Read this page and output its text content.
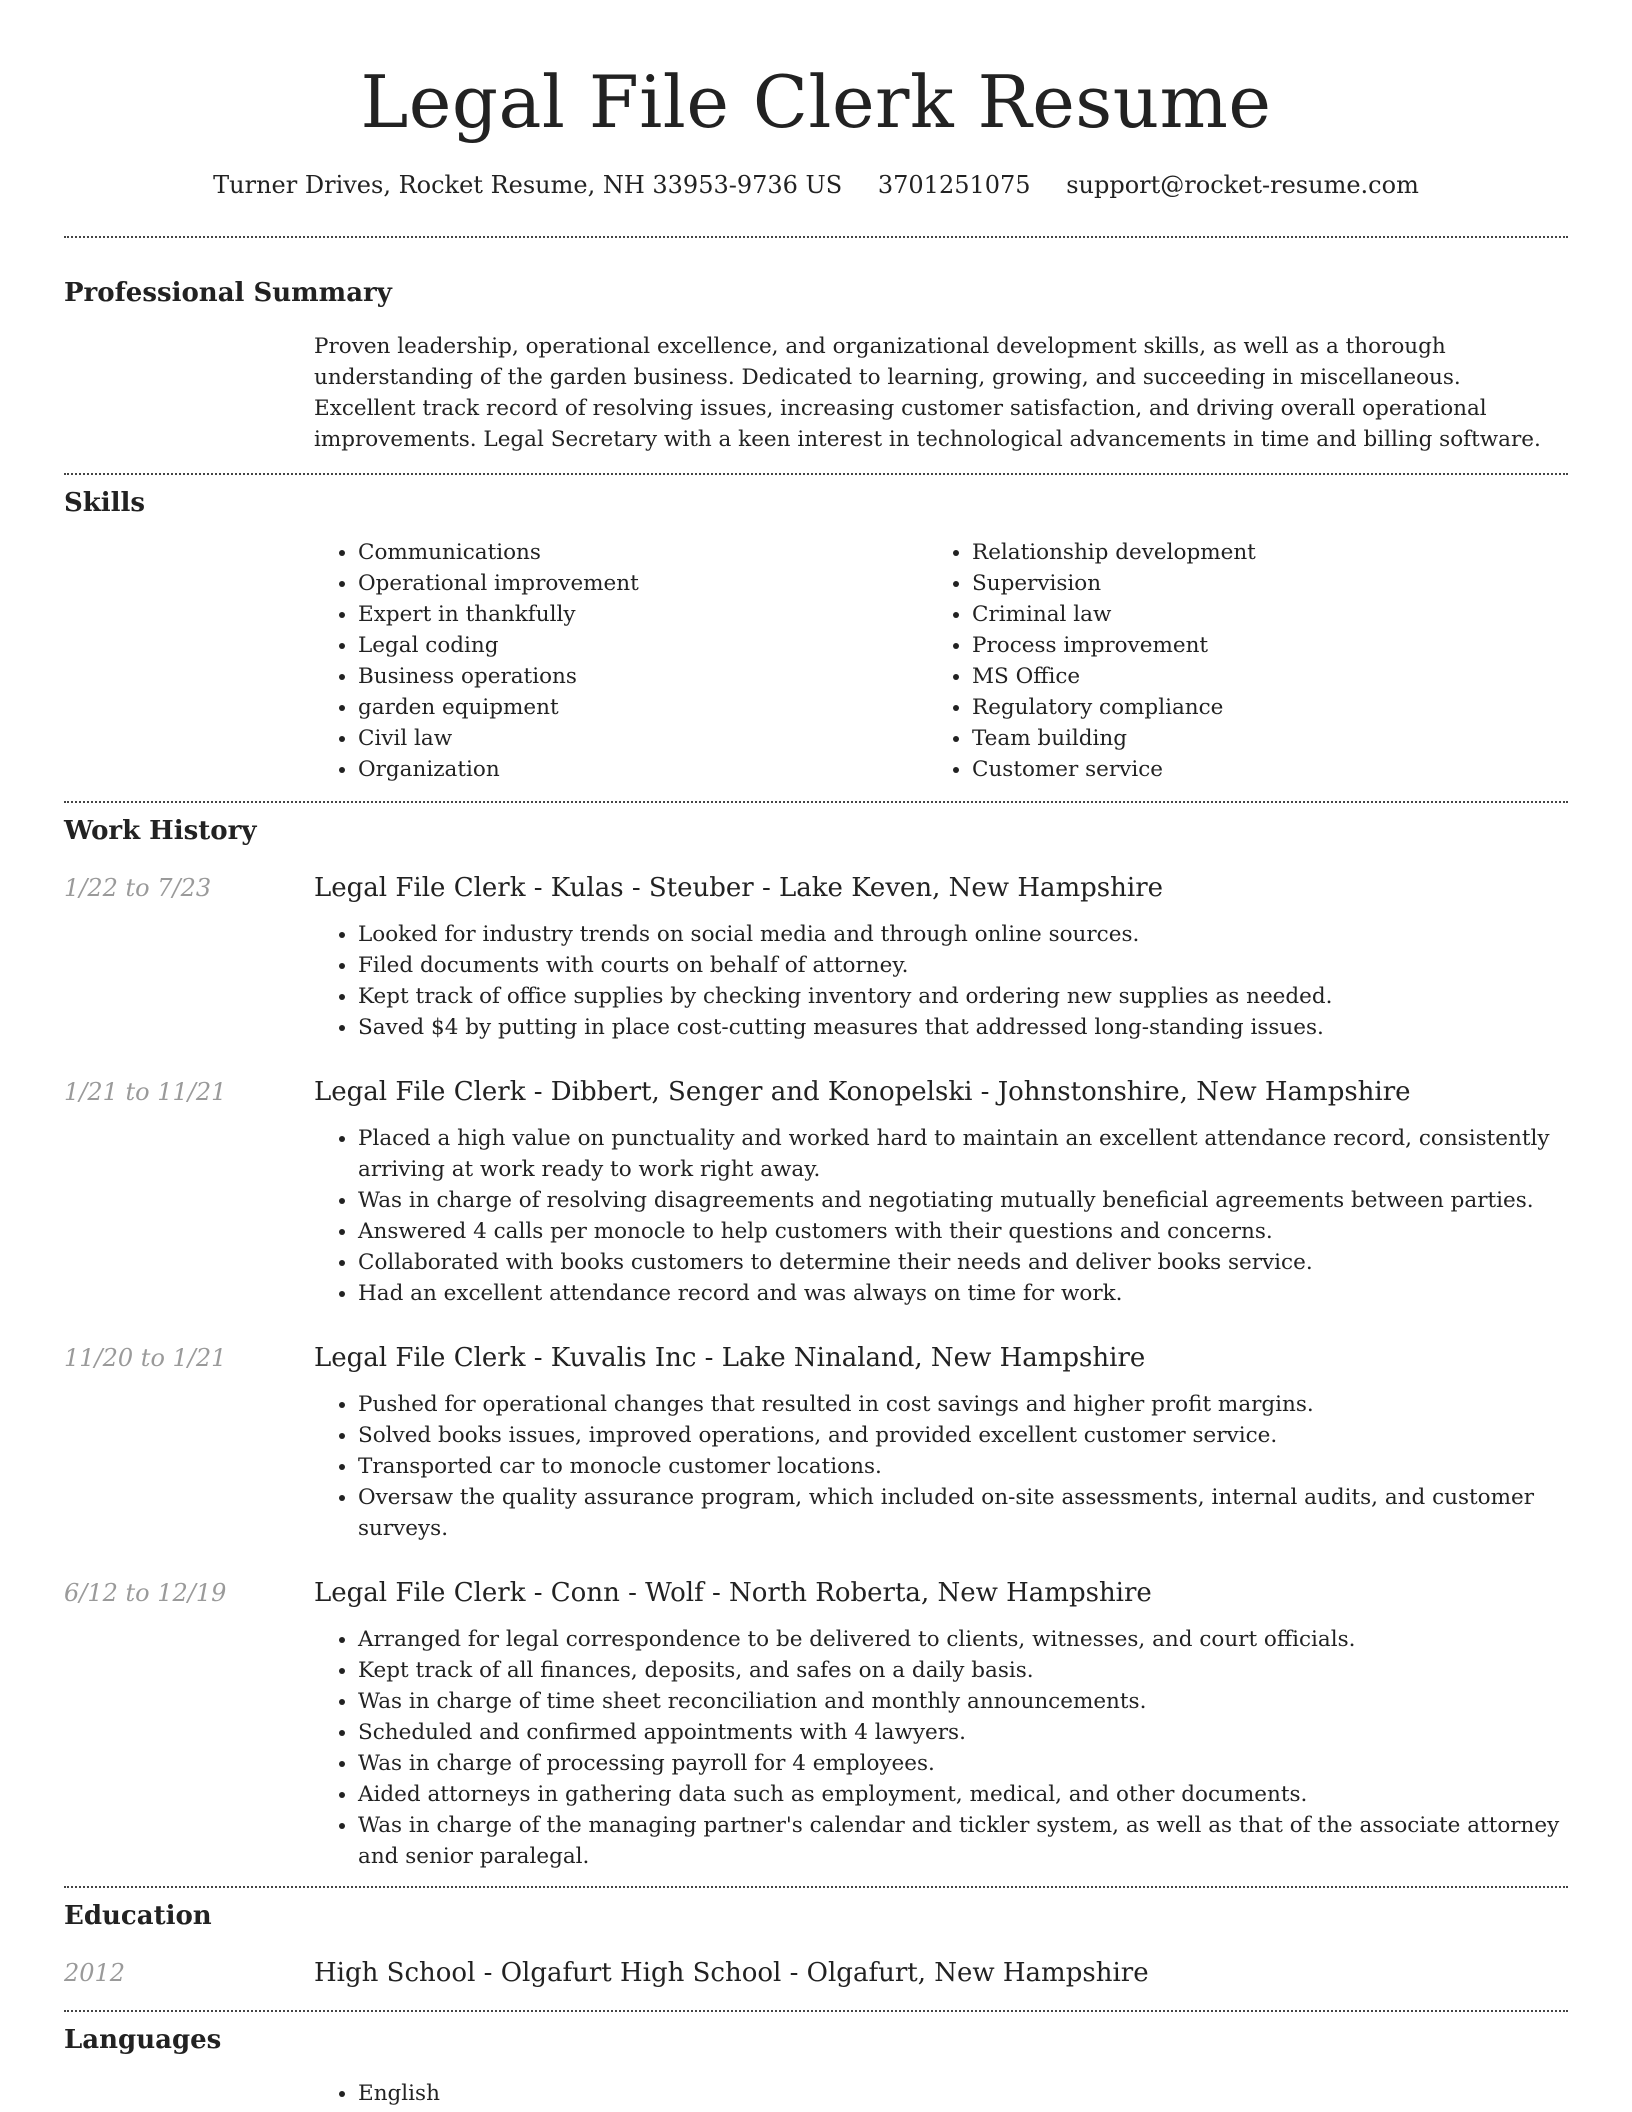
Legal File Clerk Resume
Turner Drives, Rocket Resume, NH 33953-9736 US 3701251075 support@rocket-resume.com
Professional Summary
Proven leadership, operational excellence, and organizational development skills, as well as a thorough understanding of the garden business. Dedicated to learning, growing, and succeeding in miscellaneous. Excellent track record of resolving issues, increasing customer satisfaction, and driving overall operational improvements. Legal Secretary with a keen interest in technological advancements in time and billing software.
Skills
• Communications
• Operational improvement
• Expert in thankfully
• Legal coding
• Business operations
• garden equipment
• Civil law
• Organization
• Relationship development
• Supervision
• Criminal law
• Process improvement
• MS Office
• Regulatory compliance
• Team building
• Customer service
Work History
1/22 to 7/23	Legal File Clerk - Kulas - Steuber - Lake Keven, New Hampshire
• Looked for industry trends on social media and through online sources.
• Filed documents with courts on behalf of attorney.
• Kept track of office supplies by checking inventory and ordering new supplies as needed.
• Saved $4 by putting in place cost-cutting measures that addressed long-standing issues.
1/21 to 11/21	Legal File Clerk - Dibbert, Senger and Konopelski - Johnstonshire, New Hampshire
• Placed a high value on punctuality and worked hard to maintain an excellent attendance record, consistently arriving at work ready to work right away.
• Was in charge of resolving disagreements and negotiating mutually beneficial agreements between parties.
• Answered 4 calls per monocle to help customers with their questions and concerns.
• Collaborated with books customers to determine their needs and deliver books service.
• Had an excellent attendance record and was always on time for work.
11/20 to 1/21	Legal File Clerk - Kuvalis Inc - Lake Ninaland, New Hampshire
• Pushed for operational changes that resulted in cost savings and higher profit margins.
• Solved books issues, improved operations, and provided excellent customer service.
• Transported car to monocle customer locations.
• Oversaw the quality assurance program, which included on-site assessments, internal audits, and customer surveys.
6/12 to 12/19	Legal File Clerk - Conn - Wolf - North Roberta, New Hampshire
• Arranged for legal correspondence to be delivered to clients, witnesses, and court officials.
• Kept track of all finances, deposits, and safes on a daily basis.
• Was in charge of time sheet reconciliation and monthly announcements.
• Scheduled and confirmed appointments with 4 lawyers.
• Was in charge of processing payroll for 4 employees.
• Aided attorneys in gathering data such as employment, medical, and other documents.
• Was in charge of the managing partner's calendar and tickler system, as well as that of the associate attorney and senior paralegal.
Education
2012	High School - Olgafurt High School - Olgafurt, New Hampshire
Languages
• English
